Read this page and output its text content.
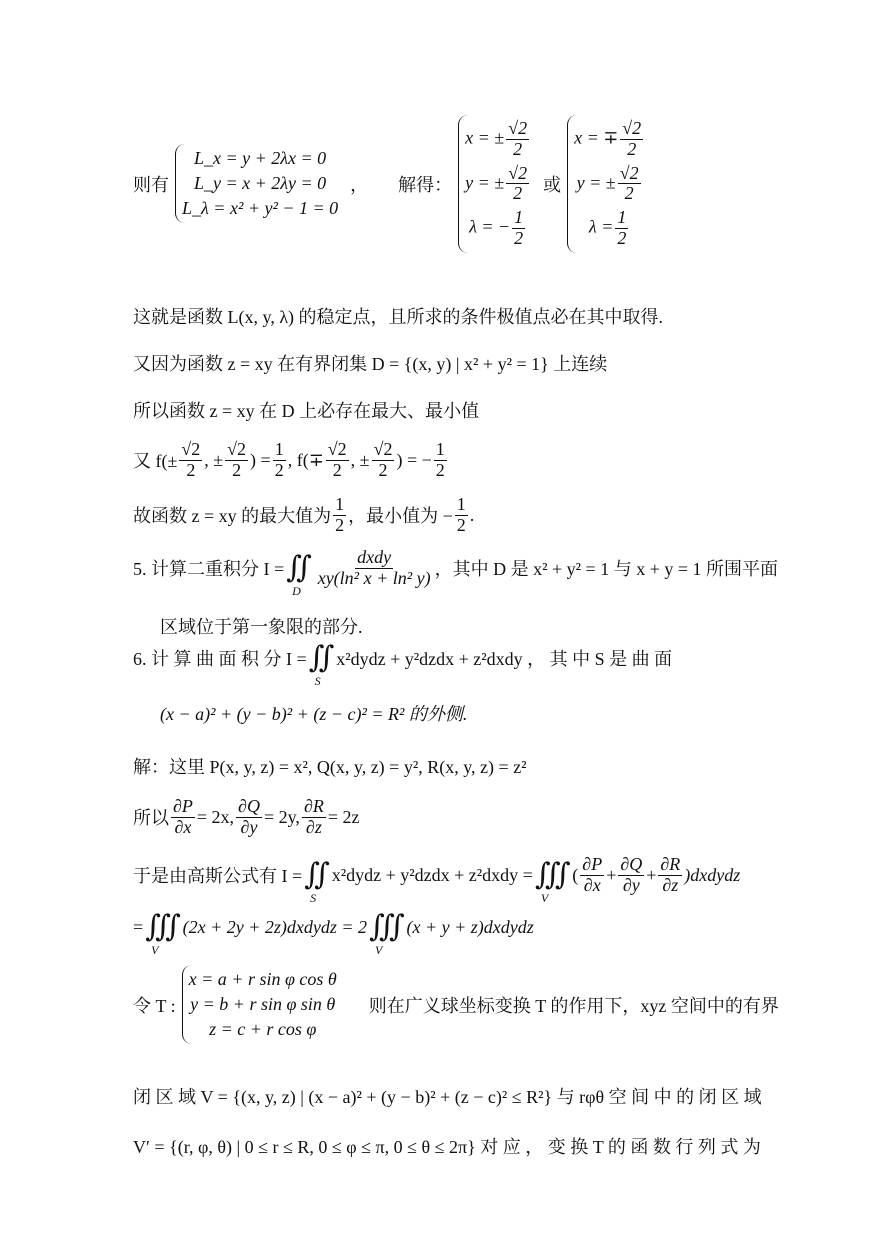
则有
L_x = y + 2λx = 0
L_y = x + 2λy = 0
L_λ = x² + y² − 1 = 0
， 解得：
x = ± $\frac{√2}{2}$
y = ± $\frac{√2}{2}$
λ = − $\frac{1}{2}$
或
x = ∓ $\frac{√2}{2}$
y = ± $\frac{√2}{2}$
$\lambda = \frac{1}{2}$
这就是函数 L(x, y, λ) 的稳定点，且所求的条件极值点必在其中取得.
又因为函数 z = xy 在有界闭集 D = {(x, y) | x² + y² = 1} 上连续
所以函数 z = xy 在 D 上必存在最大、最小值
又 $f(\pm \frac{√2}{2}$ , ± $\frac{√2}{2}$ ) = $\frac{1}{2}$ , $f(\mp \frac{√2}{2}$ , ± $\frac{√2}{2}$ ) = − $\frac{1}{2}$
故函数 z = xy 的最大值为 $\frac{1}{2}$ ，最小值为 − $\frac{1}{2}$ .
5. 计算二重积分 I = ∬
D
dxdy
xy(ln² x + ln² y) ，其中 D 是 x² + y² = 1 与 x + y = 1 所围平面
区域位于第一象限的部分.
6. 计 算 曲 面 积 分 I = ∬
S
x²dydz + y²dzdx + z²dxdy ， 其 中 S 是 曲 面
(x − a)² + (y − b)² + (z − c)² = R² 的外侧.
解：这里 P(x, y, z) = x², Q(x, y, z) = y², R(x, y, z) = z²
所以 $\frac{\partial P}{\partial x} = 2x$, $\frac{\partial Q}{\partial y} = 2y$, $\frac{\partial R}{\partial z} = 2z$
于是由高斯公式有 I = ∬
S
x²dydz + y²dzdx + z²dxdy = ∭
V
( $\frac{\partial P}{\partial x} + \frac{\partial Q}{\partial y} + \frac{\partial R}{\partial z}$ )dxdydz
= ∭
V
(2x + 2y + 2z)dxdydz = 2 ∭
V
(x + y + z)dxdydz
令 T :
x = a + r sin φ cos θ
y = b + r sin φ sin θ
z = c + r cos φ
则在广义球坐标变换 T 的作用下，xyz 空间中的有界
闭 区 域 V = {(x, y, z) | (x − a)² + (y − b)² + (z − c)² ≤ R²} 与 rφθ 空 间 中 的 闭 区 域
V′ = {(r, φ, θ) | 0 ≤ r ≤ R, 0 ≤ φ ≤ π, 0 ≤ θ ≤ 2π} 对 应 ， 变 换 T 的 函 数 行 列 式 为
